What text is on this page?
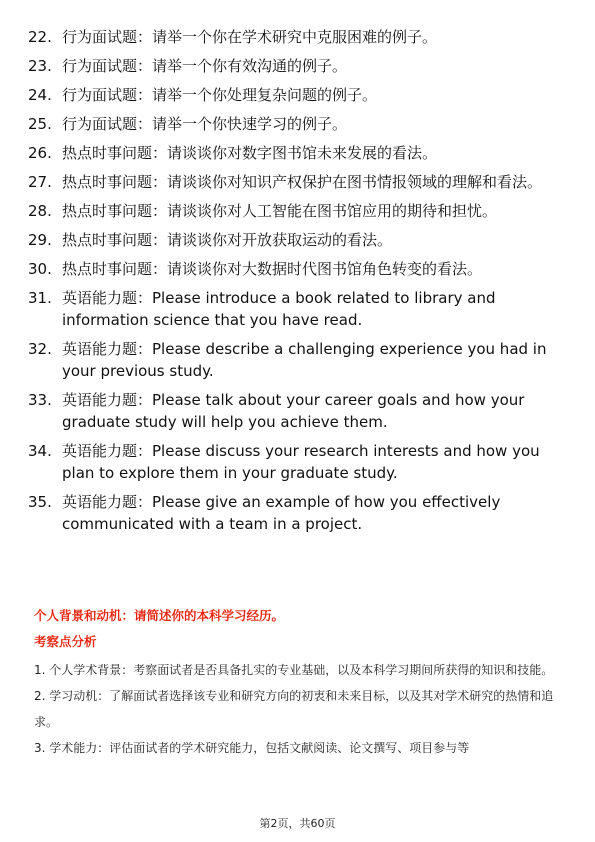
22. 行为面试题：请举一个你在学术研究中克服困难的例子。
23. 行为面试题：请举一个你有效沟通的例子。
24. 行为面试题：请举一个你处理复杂问题的例子。
25. 行为面试题：请举一个你快速学习的例子。
26. 热点时事问题：请谈谈你对数字图书馆未来发展的看法。
27. 热点时事问题：请谈谈你对知识产权保护在图书情报领域的理解和看法。
28. 热点时事问题：请谈谈你对人工智能在图书馆应用的期待和担忧。
29. 热点时事问题：请谈谈你对开放获取运动的看法。
30. 热点时事问题：请谈谈你对大数据时代图书馆角色转变的看法。
31. 英语能力题：Please introduce a book related to library and information science that you have read.
32. 英语能力题：Please describe a challenging experience you had in your previous study.
33. 英语能力题：Please talk about your career goals and how your graduate study will help you achieve them.
34. 英语能力题：Please discuss your research interests and how you plan to explore them in your graduate study.
35. 英语能力题：Please give an example of how you effectively communicated with a team in a project.
个人背景和动机：请简述你的本科学习经历。
考察点分析
1. 个人学术背景：考察面试者是否具备扎实的专业基础，以及本科学习期间所获得的知识和技能。
2. 学习动机：了解面试者选择该专业和研究方向的初衷和未来目标，以及其对学术研究的热情和追求。
3. 学术能力：评估面试者的学术研究能力，包括文献阅读、论文撰写、项目参与等
第2页，共60页
